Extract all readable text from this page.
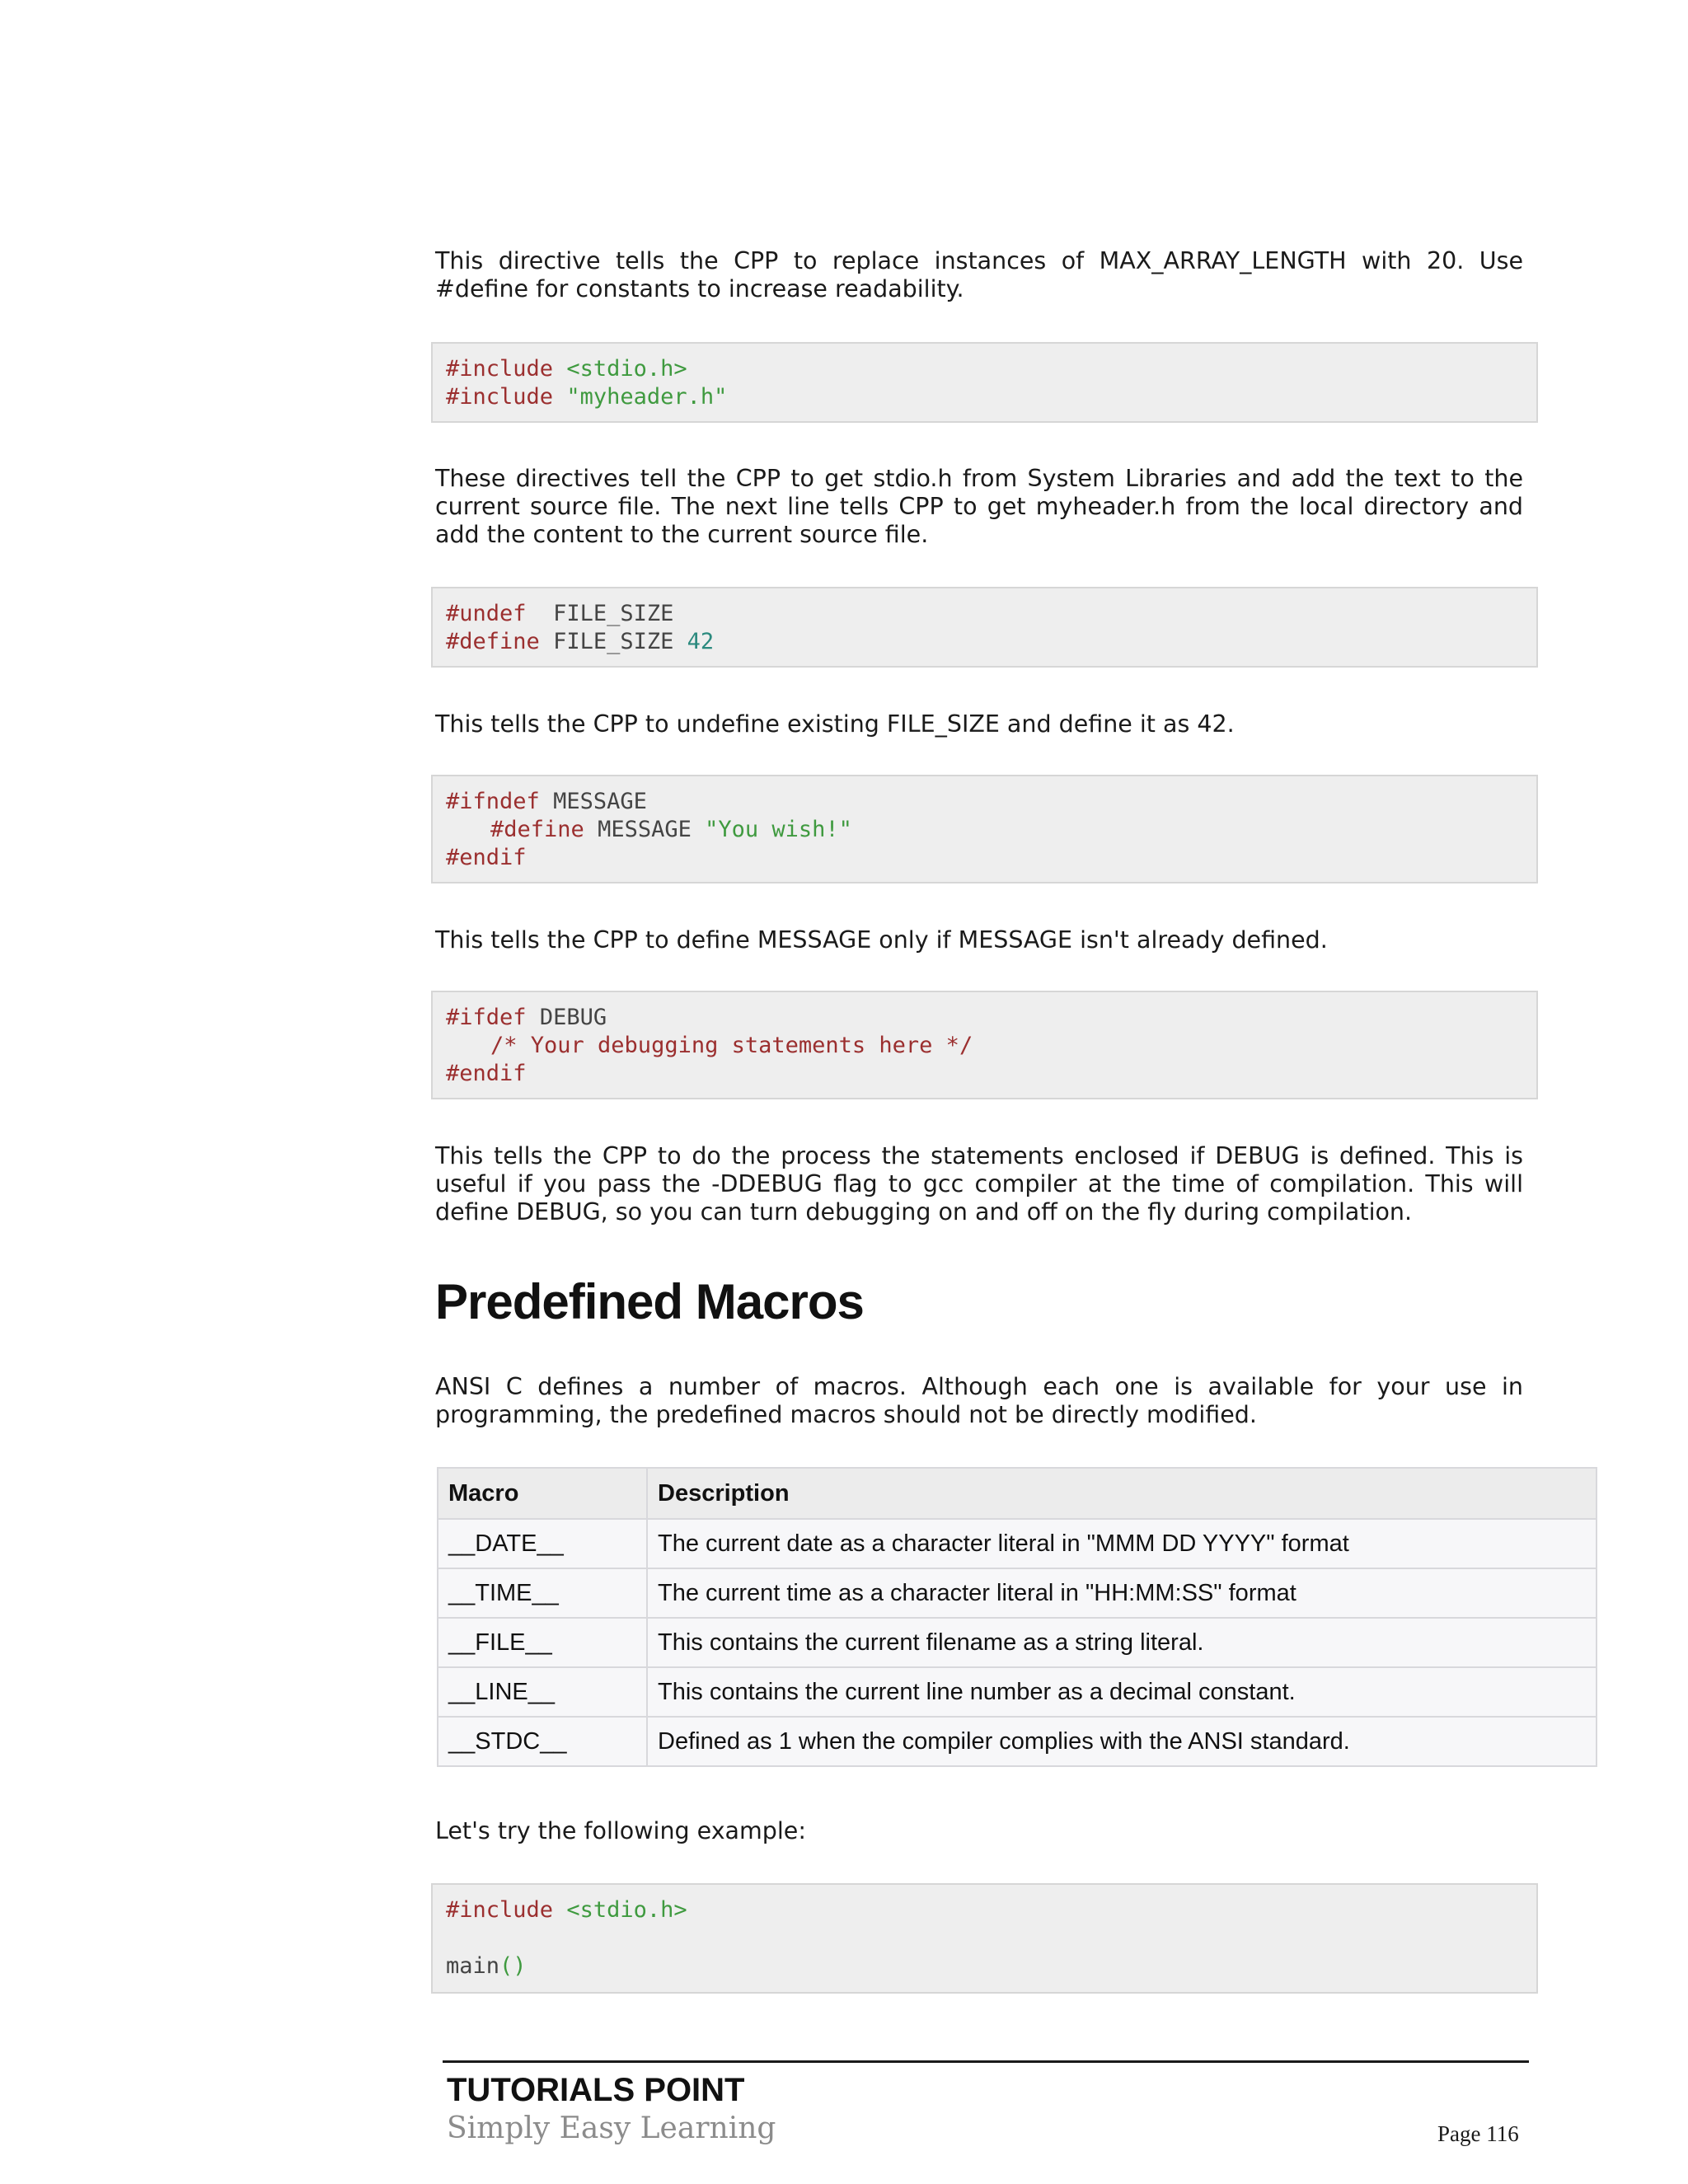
This directive tells the CPP to replace instances of MAX_ARRAY_LENGTH with 20. Use #define for constants to increase readability.

#include <stdio.h>
#include "myheader.h"

These directives tell the CPP to get stdio.h from System Libraries and add the text to the current source file. The next line tells CPP to get myheader.h from the local directory and add the content to the current source file.

#undef FILE_SIZE
#define FILE_SIZE 42

This tells the CPP to undefine existing FILE_SIZE and define it as 42.

#ifndef MESSAGE
#define MESSAGE "You wish!"
#endif

This tells the CPP to define MESSAGE only if MESSAGE isn't already defined.

#ifdef DEBUG
/* Your debugging statements here */
#endif

This tells the CPP to do the process the statements enclosed if DEBUG is defined. This is useful if you pass the -DDEBUG flag to gcc compiler at the time of compilation. This will define DEBUG, so you can turn debugging on and off on the fly during compilation.

Predefined Macros

ANSI C defines a number of macros. Although each one is available for your use in programming, the predefined macros should not be directly modified.

Macro	Description
__DATE__	The current date as a character literal in "MMM DD YYYY" format
__TIME__	The current time as a character literal in "HH:MM:SS" format
__FILE__	This contains the current filename as a string literal.
__LINE__	This contains the current line number as a decimal constant.
__STDC__	Defined as 1 when the compiler complies with the ANSI standard.

Let's try the following example:

#include <stdio.h>
main()
TUTORIALS POINT
Simply Easy Learning	Page 116
